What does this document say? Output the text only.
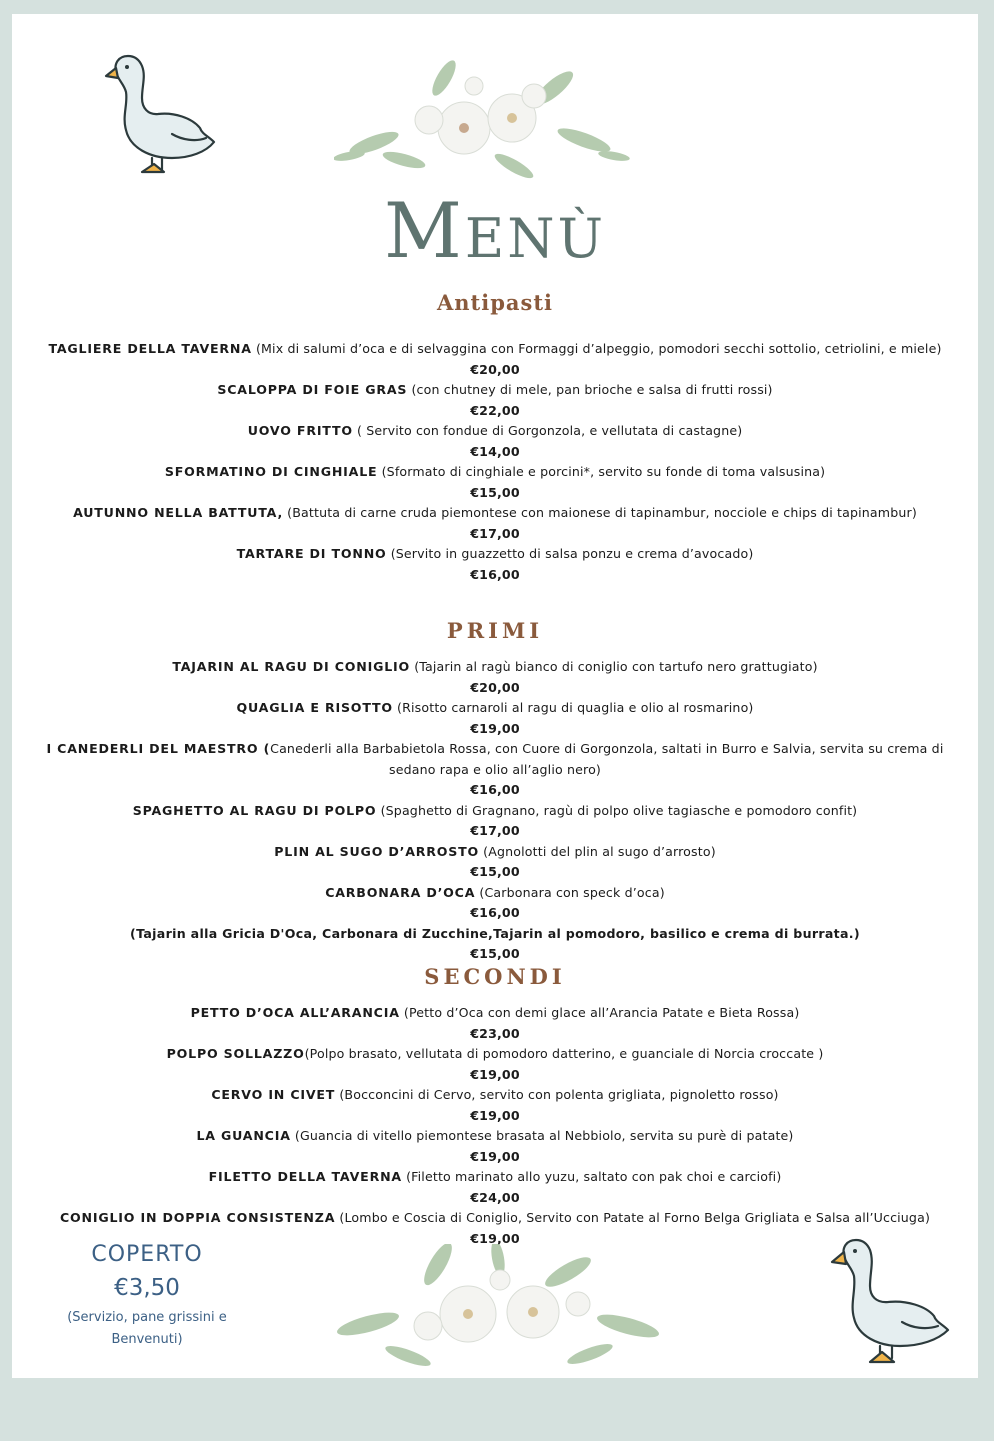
MENÙ
Antipasti
TAGLIERE DELLA TAVERNA (Mix di salumi d’oca e di selvaggina con Formaggi d’alpeggio, pomodori secchi sottolio, cetriolini, e miele)
€20,00
SCALOPPA DI FOIE GRAS (con chutney di mele, pan brioche e salsa di frutti rossi)
€22,00
UOVO FRITTO ( Servito con fondue di Gorgonzola, e vellutata di castagne)
€14,00
SFORMATINO DI CINGHIALE (Sformato di cinghiale e porcini*, servito su fonde di toma valsusina)
€15,00
AUTUNNO NELLA BATTUTA, (Battuta di carne cruda piemontese con maionese di tapinambur, nocciole e chips di tapinambur)
€17,00
TARTARE DI TONNO (Servito in guazzetto di salsa ponzu e crema d’avocado)
€16,00
PRIMI
TAJARIN AL RAGU DI CONIGLIO (Tajarin al ragù bianco di coniglio con tartufo nero grattugiato)
€20,00
QUAGLIA E RISOTTO (Risotto carnaroli al ragu di quaglia e olio al rosmarino)
€19,00
I CANEDERLI DEL MAESTRO (Canederli alla Barbabietola Rossa, con Cuore di Gorgonzola, saltati in Burro e Salvia, servita su crema di sedano rapa e olio all’aglio nero)
€16,00
SPAGHETTO AL RAGU DI POLPO (Spaghetto di Gragnano, ragù di polpo olive tagiasche e pomodoro confit)
€17,00
PLIN AL SUGO D’ARROSTO (Agnolotti del plin al sugo d’arrosto)
€15,00
CARBONARA D’OCA (Carbonara con speck d’oca)
€16,00
(Tajarin alla Gricia D'Oca, Carbonara di Zucchine,Tajarin al pomodoro, basilico e crema di burrata.)
€15,00
SECONDI
PETTO D’OCA ALL’ARANCIA (Petto d’Oca con demi glace all’Arancia Patate e Bieta Rossa)
€23,00
POLPO SOLLAZZO(Polpo brasato, vellutata di pomodoro datterino, e guanciale di Norcia croccate )
€19,00
CERVO IN CIVET (Bocconcini di Cervo, servito con polenta grigliata, pignoletto rosso)
€19,00
LA GUANCIA (Guancia di vitello piemontese brasata al Nebbiolo, servita su purè di patate)
€19,00
FILETTO DELLA TAVERNA (Filetto marinato allo yuzu, saltato con pak choi e carciofi)
€24,00
CONIGLIO IN DOPPIA CONSISTENZA (Lombo e Coscia di Coniglio, Servito con Patate al Forno Belga Grigliata e Salsa all’Ucciuga)
€19,00
COPERTO
€3,50
(Servizio, pane grissini e
Benvenuti)
